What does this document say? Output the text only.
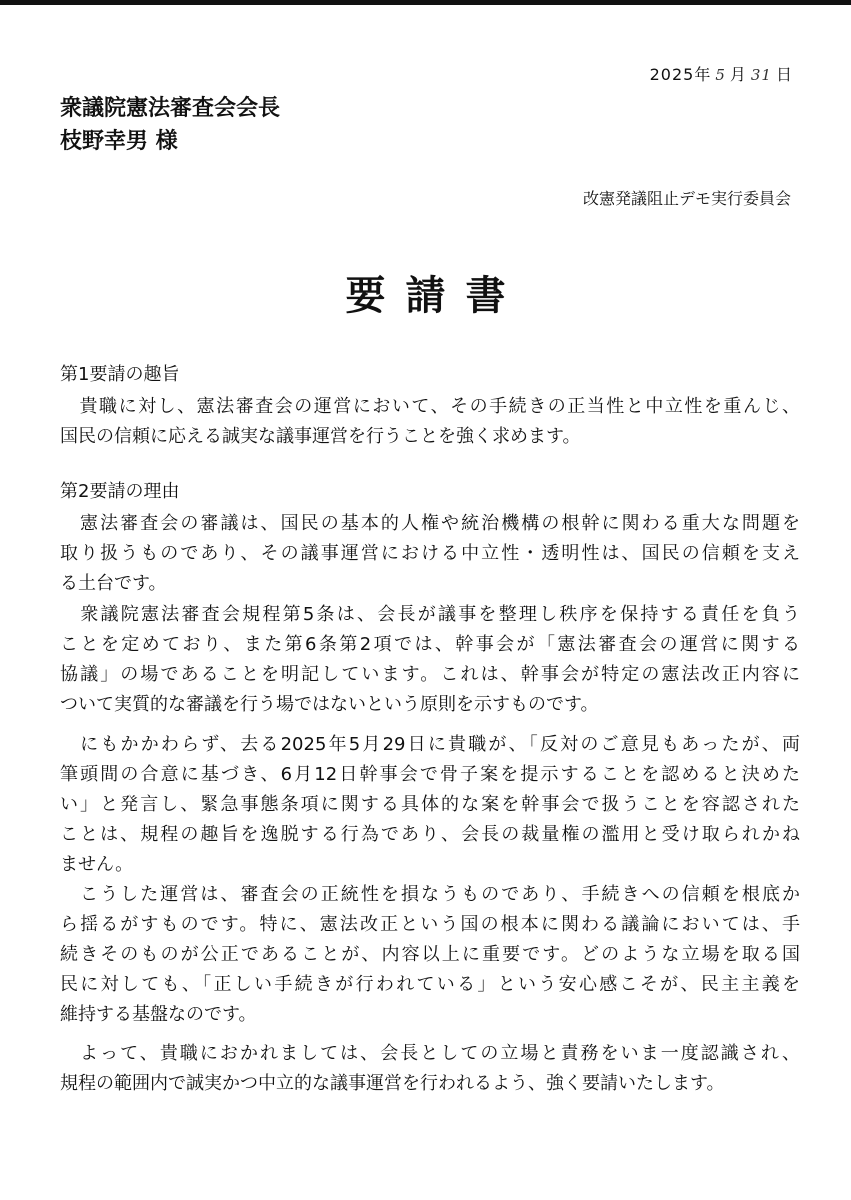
2025年 5 月 31 日
衆議院憲法審査会会長
枝野幸男 様
改憲発議阻止デモ実行委員会
要請書
第1要請の趣旨
　貴職に対し、憲法審査会の運営において、その手続きの正当性と中立性を重んじ、
国民の信頼に応える誠実な議事運営を行うことを強く求めます。
第2要請の理由
　憲法審査会の審議は、国民の基本的人権や統治機構の根幹に関わる重大な問題を
取り扱うものであり、その議事運営における中立性・透明性は、国民の信頼を支え
る土台です。
　衆議院憲法審査会規程第5条は、会長が議事を整理し秩序を保持する責任を負う
ことを定めており、また第6条第2項では、幹事会が「憲法審査会の運営に関する
協議」の場であることを明記しています。これは、幹事会が特定の憲法改正内容に
ついて実質的な審議を行う場ではないという原則を示すものです。
　にもかかわらず、去る2025年5月29日に貴職が、「反対のご意見もあったが、両
筆頭間の合意に基づき、6月12日幹事会で骨子案を提示することを認めると決めた
い」と発言し、緊急事態条項に関する具体的な案を幹事会で扱うことを容認された
ことは、規程の趣旨を逸脱する行為であり、会長の裁量権の濫用と受け取られかね
ません。
　こうした運営は、審査会の正統性を損なうものであり、手続きへの信頼を根底か
ら揺るがすものです。特に、憲法改正という国の根本に関わる議論においては、手
続きそのものが公正であることが、内容以上に重要です。どのような立場を取る国
民に対しても、「正しい手続きが行われている」という安心感こそが、民主主義を
維持する基盤なのです。
　よって、貴職におかれましては、会長としての立場と責務をいま一度認識され、
規程の範囲内で誠実かつ中立的な議事運営を行われるよう、強く要請いたします。
